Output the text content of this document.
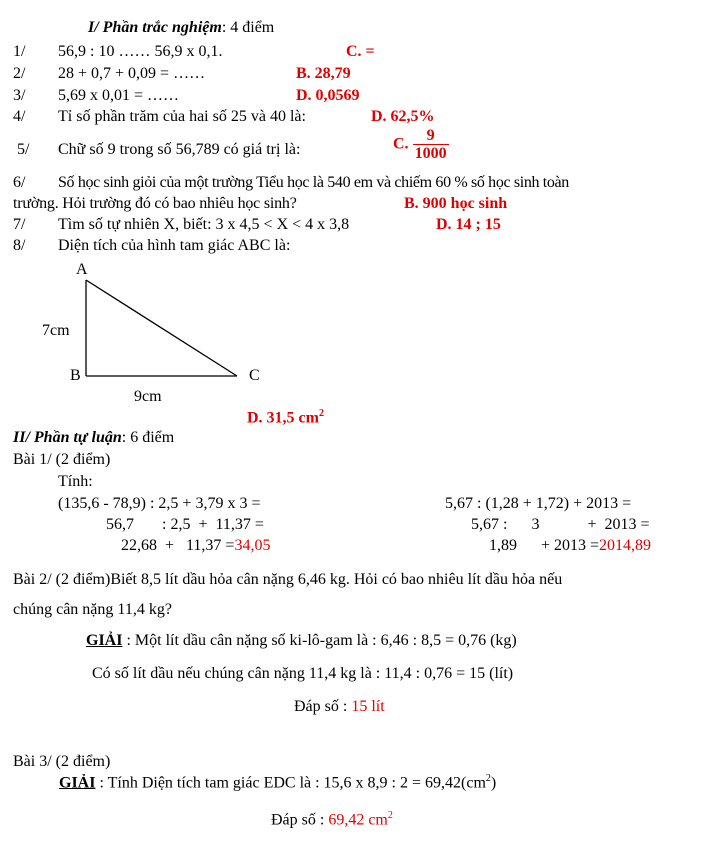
I/ Phần trắc nghiệm: 4 điểm
1/ 56,9 : 10 …… 56,9 x 0,1.	C. =
2/ 28 + 0,7 + 0,09 = ……	B. 28,79
3/ 5,69 x 0,01 = ……	D. 0,0569
4/ Tỉ số phần trăm của hai số 25 và 40 là:	D. 62,5%
5/ Chữ số 9 trong số 56,789 có giá trị là:	C. $\frac{9}{1000}$
6/ Số học sinh giỏi của một trường Tiểu học là 540 em và chiếm 60 % số học sinh toàn
trường. Hỏi trường đó có bao nhiêu học sinh?	B. 900 học sinh
7/ Tìm số tự nhiên X, biết: 3 x 4,5 < X < 4 x 3,8	D. 14 ; 15
8/ Diện tích của hình tam giác ABC là:
A
B	C
7cm
9cm
D. 31,5 $cm^2$
II/ Phần tự luận: 6 điểm
Bài 1/ (2 điểm)
Tính:
(135,6 - 78,9) : 2,5 + 3,79 x 3 =
56,7       : 2,5  +  11,37 =
22,68  +   11,37 =34,05
5,67 : (1,28 + 1,72) + 2013 =
5,67 :      3            +  2013 =
1,89      + 2013 =2014,89
Bài 2/ (2 điểm)Biết 8,5 lít dầu hỏa cân nặng 6,46 kg. Hỏi có bao nhiêu lít dầu hỏa nếu
chúng cân nặng 11,4 kg?
GIẢI : Một lít dầu cân nặng số ki-lô-gam là : 6,46 : 8,5 = 0,76 (kg)
Có số lít dầu nếu chúng cân nặng 11,4 kg là : 11,4 : 0,76 = 15 (lít)
Đáp số : 15 lít
Bài 3/ (2 điểm)
GIẢI : Tính Diện tích tam giác EDC là : 15,6 x 8,9 : $2 = 69,42(cm^2)$
Đáp số : 69,42 $cm^2$
